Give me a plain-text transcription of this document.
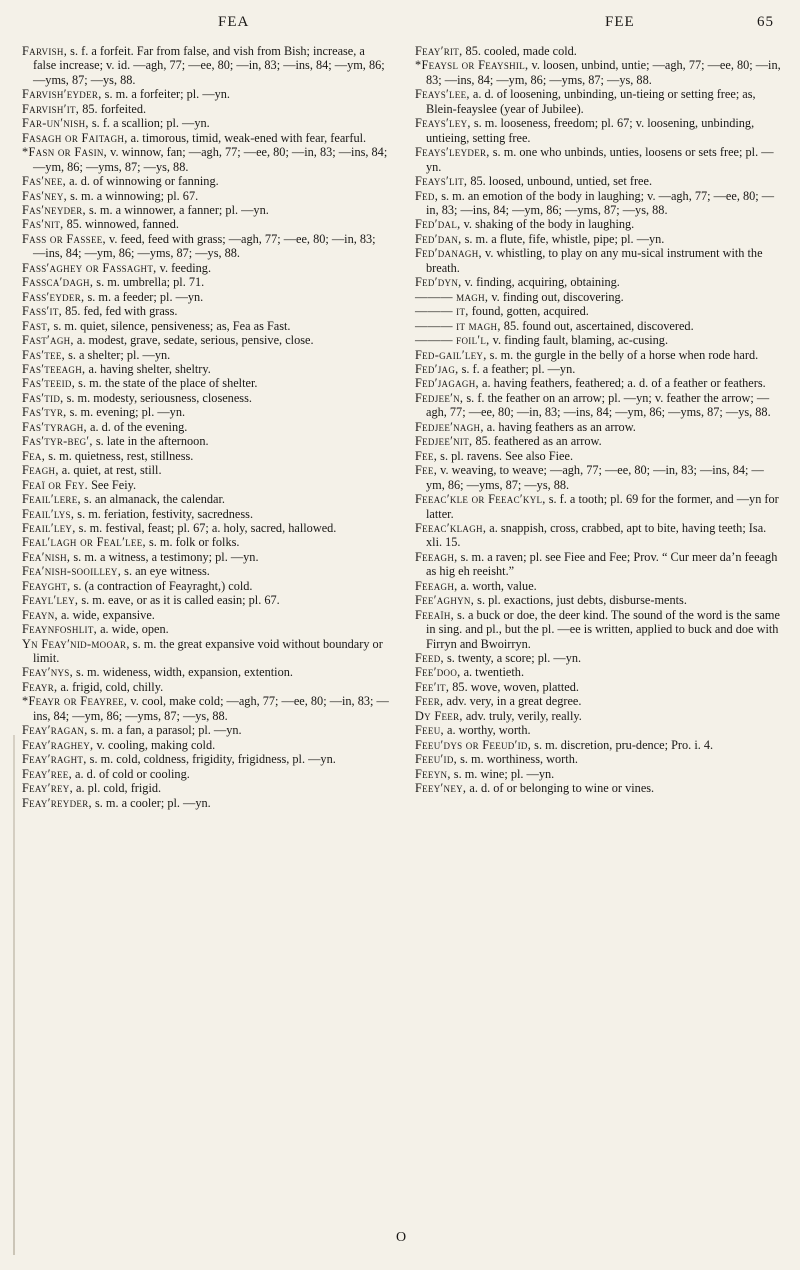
FEA	FEE	65

Farvish, s. f. a forfeit. Far from false, and vish from Bish; increase, a false increase; v. id. —agh, 77; —ee, 80; —in, 83; —ins, 84; —ym, 86; —yms, 87; —ys, 88.

Farvish′eyder, s. m. a forfeiter; pl. —yn.

Farvish′it, 85. forfeited.

Far-un′nish, s. f. a scallion; pl. —yn.

Fasagh or Faitagh, a. timorous, timid, weak-ened with fear, fearful.

*Fasn or Fasin, v. winnow, fan; —agh, 77; —ee, 80; —in, 83; —ins, 84; —ym, 86; —yms, 87; —ys, 88.

Fas′nee, a. d. of winnowing or fanning.

Fas′ney, s. m. a winnowing; pl. 67.

Fas′neyder, s. m. a winnower, a fanner; pl. —yn.

Fas′nit, 85. winnowed, fanned.

Fass or Fassee, v. feed, feed with grass; —agh, 77; —ee, 80; —in, 83; —ins, 84; —ym, 86; —yms, 87; —ys, 88.

Fass′aghey or Fassaght, v. feeding.

Fassca′dagh, s. m. umbrella; pl. 71.

Fass′eyder, s. m. a feeder; pl. —yn.

Fass′it, 85. fed, fed with grass.

Fast, s. m. quiet, silence, pensiveness; as, Fea as Fast.

Fast′agh, a. modest, grave, sedate, serious, pensive, close.

Fas′tee, s. a shelter; pl. —yn.

Fas′teeagh, a. having shelter, sheltry.

Fas′teeid, s. m. the state of the place of shelter.

Fas′tid, s. m. modesty, seriousness, closeness.

Fas′tyr, s. m. evening; pl. —yn.

Fas′tyragh, a. d. of the evening.

Fas′tyr-beg′, s. late in the afternoon.

Fea, s. m. quietness, rest, stillness.

Feagh, a. quiet, at rest, still.

Feaï or Fey. See Feiy.

Feail′lere, s. an almanack, the calendar.

Feail′lys, s. m. feriation, festivity, sacredness.

Feail′ley, s. m. festival, feast; pl. 67; a. holy, sacred, hallowed.

Feal′lagh or Feal′lee, s. m. folk or folks.

Fea′nish, s. m. a witness, a testimony; pl. —yn.

Fea′nish-sooilley, s. an eye witness.

Feayght, s. (a contraction of Feayraght,) cold.

Feayl′ley, s. m. eave, or as it is called easin; pl. 67.

Feayn, a. wide, expansive.

Feaynfoshlit, a. wide, open.

Yn Feay′nid-mooar, s. m. the great expansive void without boundary or limit.

Feay′nys, s. m. wideness, width, expansion, extention.

Feayr, a. frigid, cold, chilly.

*Feayr or Feayree, v. cool, make cold; —agh, 77; —ee, 80; —in, 83; —ins, 84; —ym, 86; —yms, 87; —ys, 88.

Feay′ragan, s. m. a fan, a parasol; pl. —yn.

Feay′raghey, v. cooling, making cold.

Feay′raght, s. m. cold, coldness, frigidity, frigidness, pl. —yn.

Feay′ree, a. d. of cold or cooling.

Feay′rey, a. pl. cold, frigid.

Feay′reyder, s. m. a cooler; pl. —yn.

Feay′rit, 85. cooled, made cold.

*Feaysl or Feayshil, v. loosen, unbind, untie; —agh, 77; —ee, 80; —in, 83; —ins, 84; —ym, 86; —yms, 87; —ys, 88.

Feays′lee, a. d. of loosening, unbinding, un-tieing or setting free; as, Blein-feayslee (year of Jubilee).

Feays′ley, s. m. looseness, freedom; pl. 67; v. loosening, unbinding, untieing, setting free.

Feays′leyder, s. m. one who unbinds, unties, loosens or sets free; pl. —yn.

Feays′lit, 85. loosed, unbound, untied, set free.

Fed, s. m. an emotion of the body in laughing; v. —agh, 77; —ee, 80; —in, 83; —ins, 84; —ym, 86; —yms, 87; —ys, 88.

Fed′dal, v. shaking of the body in laughing.

Fed′dan, s. m. a flute, fife, whistle, pipe; pl. —yn.

Fed′danagh, v. whistling, to play on any mu-sical instrument with the breath.

Fed′dyn, v. finding, acquiring, obtaining.

——— magh, v. finding out, discovering.

——— it, found, gotten, acquired.

——— it magh, 85. found out, ascertained, discovered.

——— foil′l, v. finding fault, blaming, ac-cusing.

Fed-gail′ley, s. m. the gurgle in the belly of a horse when rode hard.

Fed′jag, s. f. a feather; pl. —yn.

Fed′jagagh, a. having feathers, feathered; a. d. of a feather or feathers.

Fedjee′n, s. f. the feather on an arrow; pl. —yn; v. feather the arrow; —agh, 77; —ee, 80; —in, 83; —ins, 84; —ym, 86; —yms, 87; —ys, 88.

Fedjee′nagh, a. having feathers as an arrow.

Fedjee′nit, 85. feathered as an arrow.

Fee, s. pl. ravens. See also Fiee.

Fee, v. weaving, to weave; —agh, 77; —ee, 80; —in, 83; —ins, 84; —ym, 86; —yms, 87; —ys, 88.

Feeac′kle or Feeac′kyl, s. f. a tooth; pl. 69 for the former, and —yn for latter.

Feeac′klagh, a. snappish, cross, crabbed, apt to bite, having teeth; Isa. xli. 15.

Feeagh, s. m. a raven; pl. see Fiee and Fee; Prov. “ Cur meer da’n feeagh as hig eh reeisht.”

Feeagh, a. worth, value.

Fee′aghyn, s. pl. exactions, just debts, disburse-ments.

Feeaïh, s. a buck or doe, the deer kind. The sound of the word is the same in sing. and pl., but the pl. —ee is written, applied to buck and doe with Firryn and Bwoirryn.

Feed, s. twenty, a score; pl. —yn.

Fee′doo, a. twentieth.

Fee′it, 85. wove, woven, platted.

Feer, adv. very, in a great degree.

Dy Feer, adv. truly, verily, really.

Feeu, a. worthy, worth.

Feeu′dys or Feeud′id, s. m. discretion, pru-dence; Pro. i. 4.

Feeu′id, s. m. worthiness, worth.

Feeyn, s. m. wine; pl. —yn.

Feey′ney, a. d. of or belonging to wine or vines.

O
